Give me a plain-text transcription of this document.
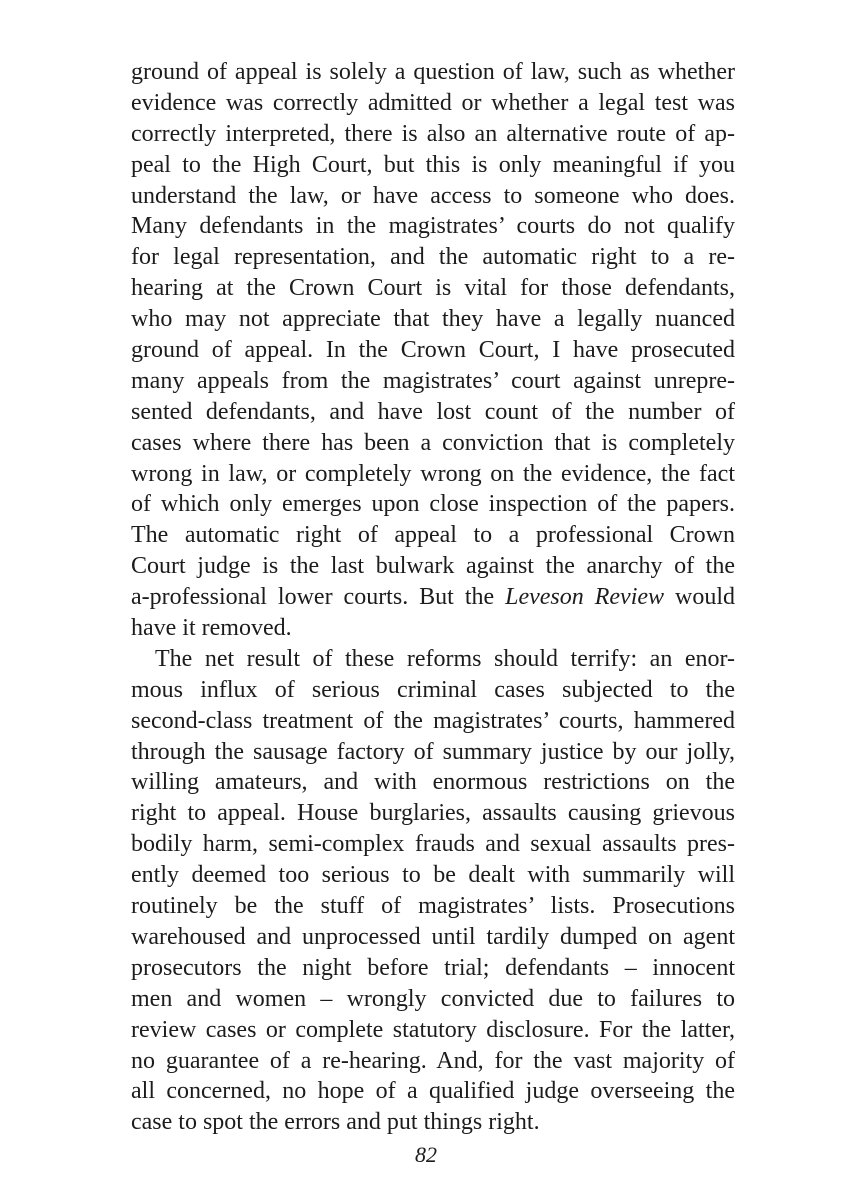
ground of appeal is solely a question of law, such as whether
evidence was correctly admitted or whether a legal test was
correctly interpreted, there is also an alternative route of ap-
peal to the High Court, but this is only meaningful if you
understand the law, or have access to someone who does.
Many defendants in the magistrates’ courts do not qualify
for legal representation, and the automatic right to a re-
hearing at the Crown Court is vital for those defendants,
who may not appreciate that they have a legally nuanced
ground of appeal. In the Crown Court, I have prosecuted
many appeals from the magistrates’ court against unrepre-
sented defendants, and have lost count of the number of
cases where there has been a conviction that is completely
wrong in law, or completely wrong on the evidence, the fact
of which only emerges upon close inspection of the papers.
The automatic right of appeal to a professional Crown
Court judge is the last bulwark against the anarchy of the
a-professional lower courts. But the Leveson Review would
have it removed.
The net result of these reforms should terrify: an enor-
mous influx of serious criminal cases subjected to the
second-class treatment of the magistrates’ courts, hammered
through the sausage factory of summary justice by our jolly,
willing amateurs, and with enormous restrictions on the
right to appeal. House burglaries, assaults causing grievous
bodily harm, semi-complex frauds and sexual assaults pres-
ently deemed too serious to be dealt with summarily will
routinely be the stuff of magistrates’ lists. Prosecutions
warehoused and unprocessed until tardily dumped on agent
prosecutors the night before trial; defendants – innocent
men and women – wrongly convicted due to failures to
review cases or complete statutory disclosure. For the latter,
no guarantee of a re-hearing. And, for the vast majority of
all concerned, no hope of a qualified judge overseeing the
case to spot the errors and put things right.
82
